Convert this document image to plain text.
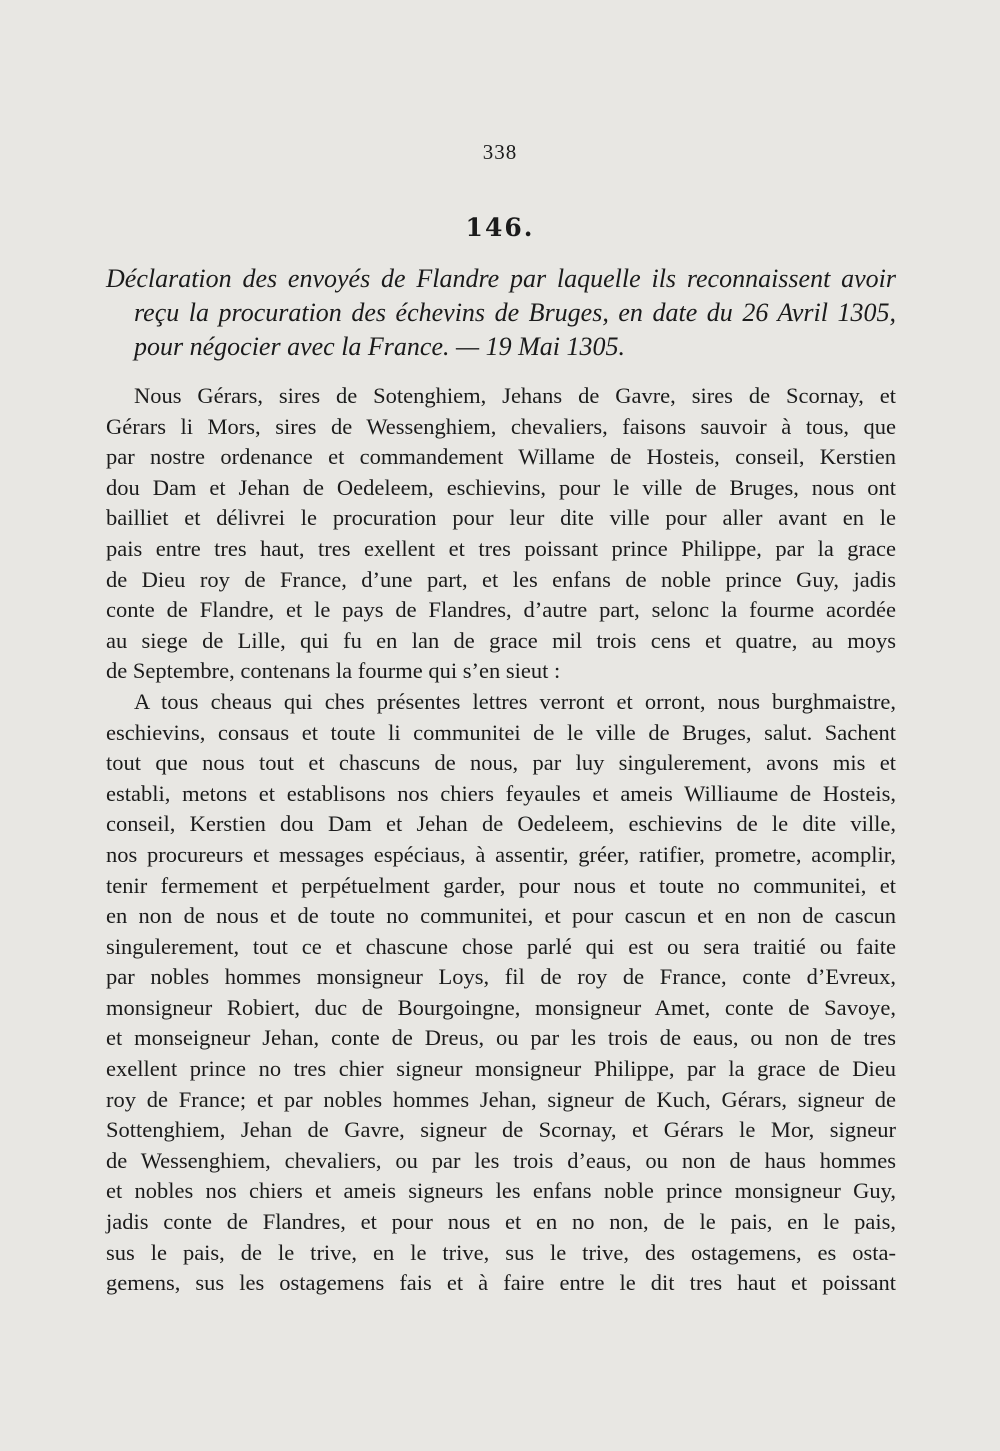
338
146.
Déclaration des envoyés de Flandre par laquelle ils reconnaissent avoir
reçu la procuration des échevins de Bruges, en date du 26 Avril 1305,
pour négocier avec la France. — 19 Mai 1305.
Nous Gérars, sires de Sotenghiem, Jehans de Gavre, sires de Scornay, et
Gérars li Mors, sires de Wessenghiem, chevaliers, faisons sauvoir à tous, que
par nostre ordenance et commandement Willame de Hosteis, conseil, Kerstien
dou Dam et Jehan de Oedeleem, eschievins, pour le ville de Bruges, nous ont
bailliet et délivrei le procuration pour leur dite ville pour aller avant en le
pais entre tres haut, tres exellent et tres poissant prince Philippe, par la grace
de Dieu roy de France, d’une part, et les enfans de noble prince Guy, jadis
conte de Flandre, et le pays de Flandres, d’autre part, selonc la fourme acordée
au siege de Lille, qui fu en lan de grace mil trois cens et quatre, au moys
de Septembre, contenans la fourme qui s’en sieut :
A tous cheaus qui ches présentes lettres verront et orront, nous burghmaistre,
eschievins, consaus et toute li communitei de le ville de Bruges, salut. Sachent
tout que nous tout et chascuns de nous, par luy singulerement, avons mis et
establi, metons et establisons nos chiers feyaules et ameis Williaume de Hosteis,
conseil, Kerstien dou Dam et Jehan de Oedeleem, eschievins de le dite ville,
nos procureurs et messages espéciaus, à assentir, gréer, ratifier, prometre, acomplir,
tenir fermement et perpétuelment garder, pour nous et toute no communitei, et
en non de nous et de toute no communitei, et pour cascun et en non de cascun
singulerement, tout ce et chascune chose parlé qui est ou sera traitié ou faite
par nobles hommes monsigneur Loys, fil de roy de France, conte d’Evreux,
monsigneur Robiert, duc de Bourgoingne, monsigneur Amet, conte de Savoye,
et monseigneur Jehan, conte de Dreus, ou par les trois de eaus, ou non de tres
exellent prince no tres chier signeur monsigneur Philippe, par la grace de Dieu
roy de France; et par nobles hommes Jehan, signeur de Kuch, Gérars, signeur de
Sottenghiem, Jehan de Gavre, signeur de Scornay, et Gérars le Mor, signeur
de Wessenghiem, chevaliers, ou par les trois d’eaus, ou non de haus hommes
et nobles nos chiers et ameis signeurs les enfans noble prince monsigneur Guy,
jadis conte de Flandres, et pour nous et en no non, de le pais, en le pais,
sus le pais, de le trive, en le trive, sus le trive, des ostagemens, es osta-
gemens, sus les ostagemens fais et à faire entre le dit tres haut et poissant
